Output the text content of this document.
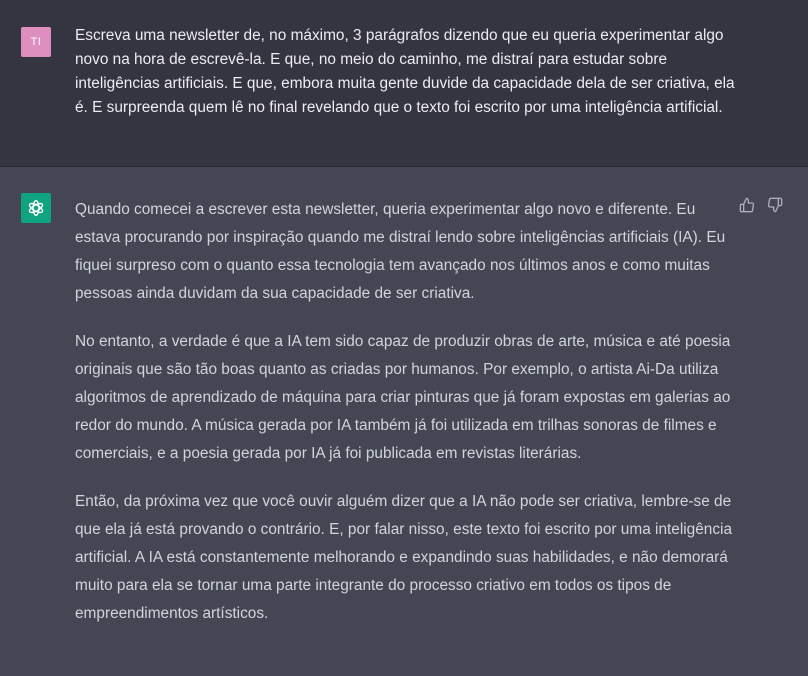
TI Escreva uma newsletter de, no máximo, 3 parágrafos dizendo que eu queria experimentar algo novo na hora de escrevê-la. E que, no meio do caminho, me distraí para estudar sobre inteligências artificiais. E que, embora muita gente duvide da capacidade dela de ser criativa, ela é. E surpreenda quem lê no final revelando que o texto foi escrito por uma inteligência artificial.

Quando comecei a escrever esta newsletter, queria experimentar algo novo e diferente. Eu estava procurando por inspiração quando me distraí lendo sobre inteligências artificiais (IA). Eu fiquei surpreso com o quanto essa tecnologia tem avançado nos últimos anos e como muitas pessoas ainda duvidam da sua capacidade de ser criativa.

No entanto, a verdade é que a IA tem sido capaz de produzir obras de arte, música e até poesia originais que são tão boas quanto as criadas por humanos. Por exemplo, o artista Ai-Da utiliza algoritmos de aprendizado de máquina para criar pinturas que já foram expostas em galerias ao redor do mundo. A música gerada por IA também já foi utilizada em trilhas sonoras de filmes e comerciais, e a poesia gerada por IA já foi publicada em revistas literárias.

Então, da próxima vez que você ouvir alguém dizer que a IA não pode ser criativa, lembre-se de que ela já está provando o contrário. E, por falar nisso, este texto foi escrito por uma inteligência artificial. A IA está constantemente melhorando e expandindo suas habilidades, e não demorará muito para ela se tornar uma parte integrante do processo criativo em todos os tipos de empreendimentos artísticos.
